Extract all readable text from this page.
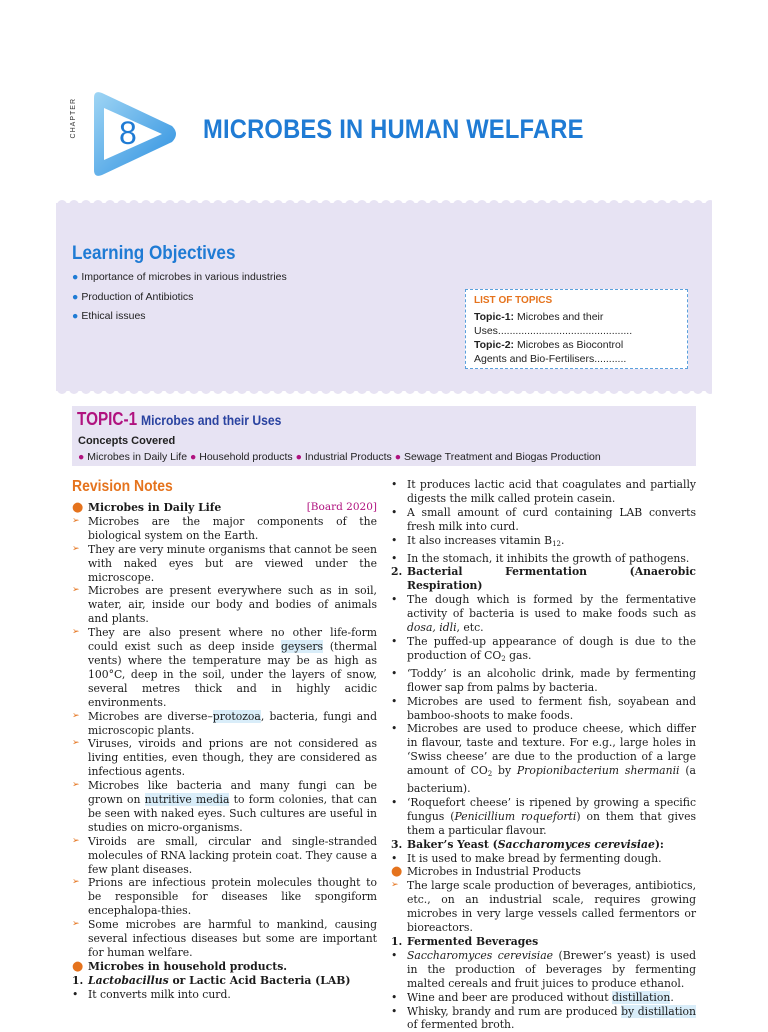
CHAPTER 8 MICROBES IN HUMAN WELFARE
Learning Objectives
● Importance of microbes in various industries
● Production of Antibiotics
● Ethical issues
LIST OF TOPICS
Topic-1: Microbes and their
Uses..............................................
Topic-2: Microbes as Biocontrol
Agents and Bio-Fertilisers...........
TOPIC-1 Microbes and their Uses
Concepts Covered
● Microbes in Daily Life ● Household products ● Industrial Products ● Sewage Treatment and Biogas Production
Revision Notes
● Microbes in Daily Life	[Board 2020]
➢ Microbes are the major components of the biological system on the Earth.
➢ They are very minute organisms that cannot be seen with naked eyes but are viewed under the microscope.
➢ Microbes are present everywhere such as in soil, water, air, inside our body and bodies of animals and plants.
➢ They are also present where no other life-form could exist such as deep inside geysers (thermal vents) where the temperature may be as high as 100°C, deep in the soil, under the layers of snow, several metres thick and in highly acidic environments.
➢ Microbes are diverse–protozoa, bacteria, fungi and microscopic plants.
➢ Viruses, viroids and prions are not considered as living entities, even though, they are considered as infectious agents.
➢ Microbes like bacteria and many fungi can be grown on nutritive media to form colonies, that can be seen with naked eyes. Such cultures are useful in studies on micro-organisms.
➢ Viroids are small, circular and single-stranded molecules of RNA lacking protein coat. They cause a few plant diseases.
➢ Prions are infectious protein molecules thought to be responsible for diseases like spongiform encephalopa-thies.
➢ Some microbes are harmful to mankind, causing several infectious diseases but some are important for human welfare.
● Microbes in household products.
1. Lactobacillus or Lactic Acid Bacteria (LAB)
• It converts milk into curd.
• It produces lactic acid that coagulates and partially digests the milk called protein casein.
• A small amount of curd containing LAB converts fresh milk into curd.
• It also increases vitamin $B_{12}$.
• In the stomach, it inhibits the growth of pathogens.
2. Bacterial Fermentation (Anaerobic Respiration)
• The dough which is formed by the fermentative activity of bacteria is used to make foods such as dosa, idli, etc.
• The puffed-up appearance of dough is due to the production of $CO_2$ gas.
• ‘Toddy’ is an alcoholic drink, made by fermenting flower sap from palms by bacteria.
• Microbes are used to ferment fish, soyabean and bamboo-shoots to make foods.
• Microbes are used to produce cheese, which differ in flavour, taste and texture. For e.g., large holes in ‘Swiss cheese’ are due to the production of a large amount of $CO_2$ by Propionibacterium shermanii (a bacterium).
• ‘Roquefort cheese’ is ripened by growing a specific fungus (Penicillium roqueforti) on them that gives them a particular flavour.
3. Baker’s Yeast (Saccharomyces cerevisiae):
• It is used to make bread by fermenting dough.
● Microbes in Industrial Products
➢ The large scale production of beverages, antibiotics, etc., on an industrial scale, requires growing microbes in very large vessels called fermentors or bioreactors.
1. Fermented Beverages
• Saccharomyces cerevisiae (Brewer’s yeast) is used in the production of beverages by fermenting malted cereals and fruit juices to produce ethanol.
• Wine and beer are produced without distillation.
• Whisky, brandy and rum are produced by distillation of fermented broth.
